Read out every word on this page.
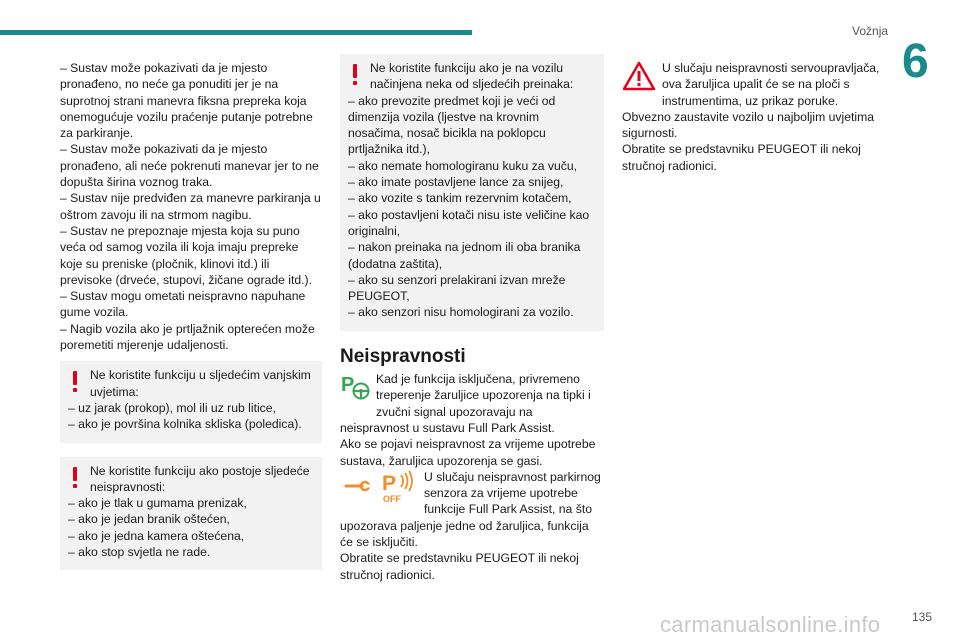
Vožnja
6

– Sustav može pokazivati da je mjesto pronađeno, no neće ga ponuditi jer je na suprotnoj strani manevra fiksna prepreka koja onemogućuje vozilu praćenje putanje potrebne za parkiranje.

– Sustav može pokazivati da je mjesto pronađeno, ali neće pokrenuti manevar jer to ne dopušta širina voznog traka.

– Sustav nije predviđen za manevre parkiranja u oštrom zavoju ili na strmom nagibu.

– Sustav ne prepoznaje mjesta koja su puno veća od samog vozila ili koja imaju prepreke koje su preniske (pločnik, klinovi itd.) ili previsoke (drveće, stupovi, žičane ograde itd.).

– Sustav mogu ometati neispravno napuhane gume vozila.

– Nagib vozila ako je prtljažnik opterećen može poremetiti mjerenje udaljenosti.

Ne koristite funkciju u sljedećim vanjskim uvjetima:

– uz jarak (prokop), mol ili uz rub litice,

– ako je površina kolnika skliska (poledica).

Ne koristite funkciju ako postoje sljedeće neispravnosti:

– ako je tlak u gumama prenizak,

– ako je jedan branik oštećen,

– ako je jedna kamera oštećena,

– ako stop svjetla ne rade.

Ne koristite funkciju ako je na vozilu načinjena neka od sljedećih preinaka:

– ako prevozite predmet koji je veći od dimenzija vozila (ljestve na krovnim nosačima, nosač bicikla na poklopcu prtljažnika itd.),

– ako nemate homologiranu kuku za vuču,

– ako imate postavljene lance za snijeg,

– ako vozite s tankim rezervnim kotačem,

– ako postavljeni kotači nisu iste veličine kao originalni,

– nakon preinaka na jednom ili oba branika (dodatna zaštita),

– ako su senzori prelakirani izvan mreže PEUGEOT,

– ako senzori nisu homologirani za vozilo.

Neispravnosti
P	Kad je funkcija isključena, privremeno treperenje žaruljice upozorenja na tipki i zvučni signal upozoravaju na neispravnost u sustavu Full Park Assist.

Ako se pojavi neispravnost za vrijeme upotrebe sustava, žaruljica upozorenja se gasi.

P
OFF

U slučaju neispravnost parkirnog senzora za vrijeme upotrebe funkcije Full Park Assist, na što upozorava paljenje jedne od žaruljica, funkcija će se isključiti.

Obratite se predstavniku PEUGEOT ili nekoj stručnoj radionici.

U slučaju neispravnosti servoupravljača, ova žaruljica upalit će se na ploči s instrumentima, uz prikaz poruke.

Obvezno zaustavite vozilo u najboljim uvjetima sigurnosti.

Obratite se predstavniku PEUGEOT ili nekoj stručnoj radionici.

carmanualsonline.info	135
